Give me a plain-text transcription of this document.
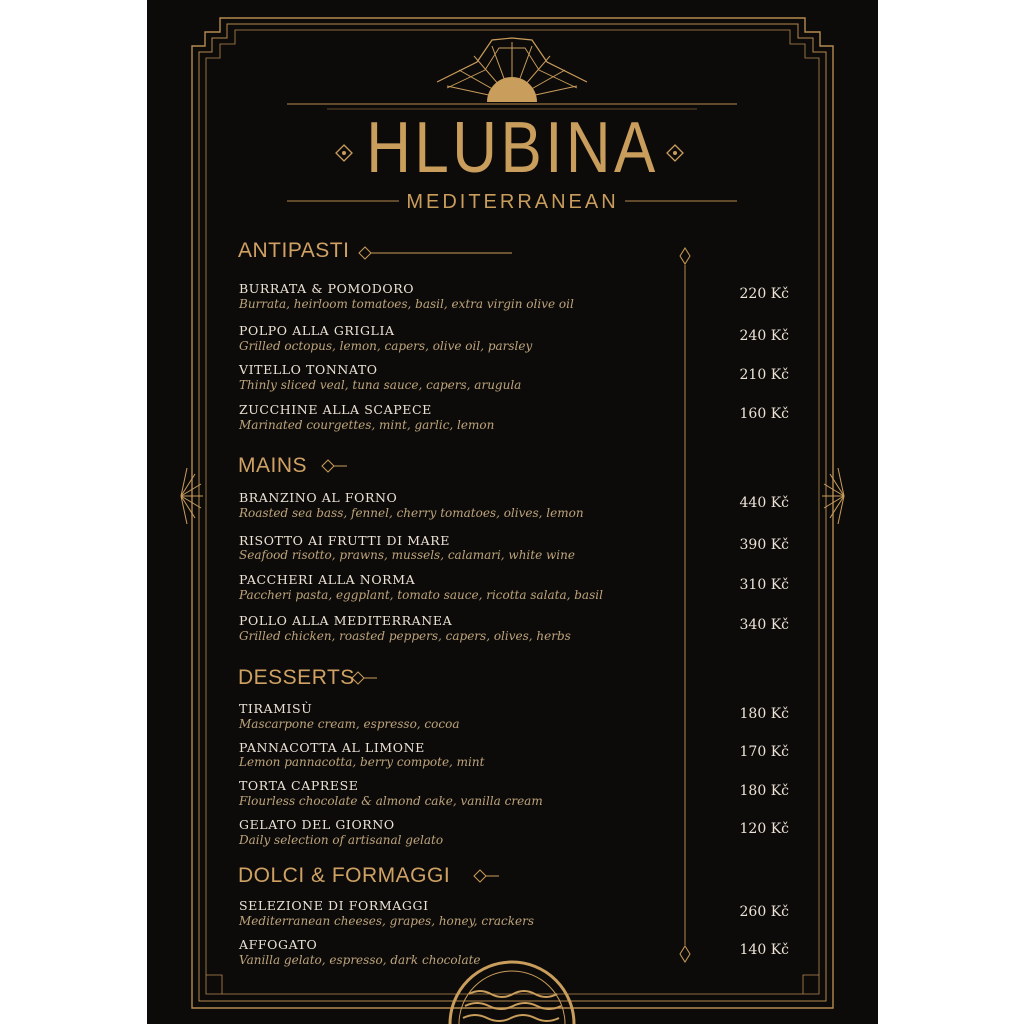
HLUBINA
MEDITERRANEAN
ANTIPASTI
BURRATA & POMODORO
Burrata, heirloom tomatoes, basil, extra virgin olive oil
220 Kč
POLPO ALLA GRIGLIA
Grilled octopus, lemon, capers, olive oil, parsley
240 Kč
VITELLO TONNATO
Thinly sliced veal, tuna sauce, capers, arugula
210 Kč
ZUCCHINE ALLA SCAPECE
Marinated courgettes, mint, garlic, lemon
160 Kč
MAINS
BRANZINO AL FORNO
Roasted sea bass, fennel, cherry tomatoes, olives, lemon
440 Kč
RISOTTO AI FRUTTI DI MARE
Seafood risotto, prawns, mussels, calamari, white wine
390 Kč
PACCHERI ALLA NORMA
Paccheri pasta, eggplant, tomato sauce, ricotta salata, basil
310 Kč
POLLO ALLA MEDITERRANEA
Grilled chicken, roasted peppers, capers, olives, herbs
340 Kč
DESSERTS
TIRAMISÙ
Mascarpone cream, espresso, cocoa
180 Kč
PANNACOTTA AL LIMONE
Lemon pannacotta, berry compote, mint
170 Kč
TORTA CAPRESE
Flourless chocolate & almond cake, vanilla cream
180 Kč
GELATO DEL GIORNO
Daily selection of artisanal gelato
120 Kč
DOLCI & FORMAGGI
SELEZIONE DI FORMAGGI
Mediterranean cheeses, grapes, honey, crackers
260 Kč
AFFOGATO
Vanilla gelato, espresso, dark chocolate
140 Kč
